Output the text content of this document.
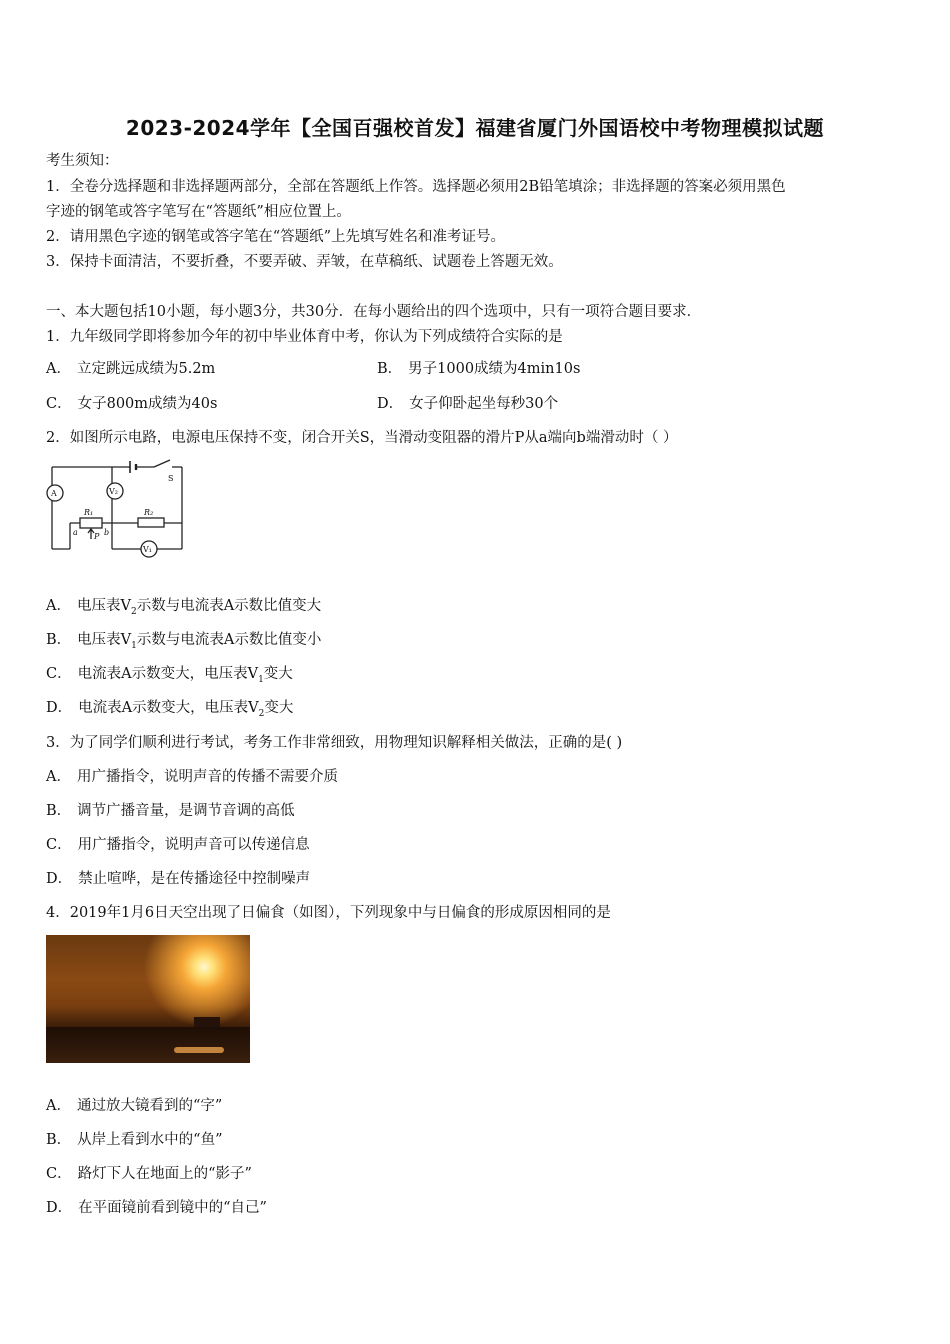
2023-2024学年【全国百强校首发】福建省厦门外国语校中考物理模拟试题
考生须知：
1．全卷分选择题和非选择题两部分，全部在答题纸上作答。选择题必须用2B铅笔填涂；非选择题的答案必须用黑色
字迹的钢笔或答字笔写在“答题纸”相应位置上。
2．请用黑色字迹的钢笔或答字笔在“答题纸”上先填写姓名和准考证号。
3．保持卡面清洁，不要折叠，不要弄破、弄皱，在草稿纸、试题卷上答题无效。
一、本大题包括10小题，每小题3分，共30分．在每小题给出的四个选项中，只有一项符合题目要求．
1．九年级同学即将参加今年的初中毕业体育中考，你认为下列成绩符合实际的是
A． 立定跳远成绩为5.2m	B． 男子1000成绩为4min10s
C． 女子800m成绩为40s	D． 女子仰卧起坐每秒30个
2．如图所示电路，电源电压保持不变，闭合开关S，当滑动变阻器的滑片P从a端向b端滑动时（ ）
A	V₂
V₁
S
R₁	R₂
a P b
A． 电压表$V_2$示数与电流表A示数比值变大
B． 电压表$V_1$示数与电流表A示数比值变小
C． 电流表A示数变大，电压表$V_1$变大
D． 电流表A示数变大，电压表$V_2$变大
3．为了同学们顺利进行考试，考务工作非常细致，用物理知识解释相关做法，正确的是( )
A． 用广播指令，说明声音的传播不需要介质
B． 调节广播音量，是调节音调的高低
C． 用广播指令，说明声音可以传递信息
D． 禁止喧哗，是在传播途径中控制噪声
4．2019年1月6日天空出现了日偏食（如图），下列现象中与日偏食的形成原因相同的是
A． 通过放大镜看到的“字”
B． 从岸上看到水中的“鱼”
C． 路灯下人在地面上的“影子”
D． 在平面镜前看到镜中的“自己”
